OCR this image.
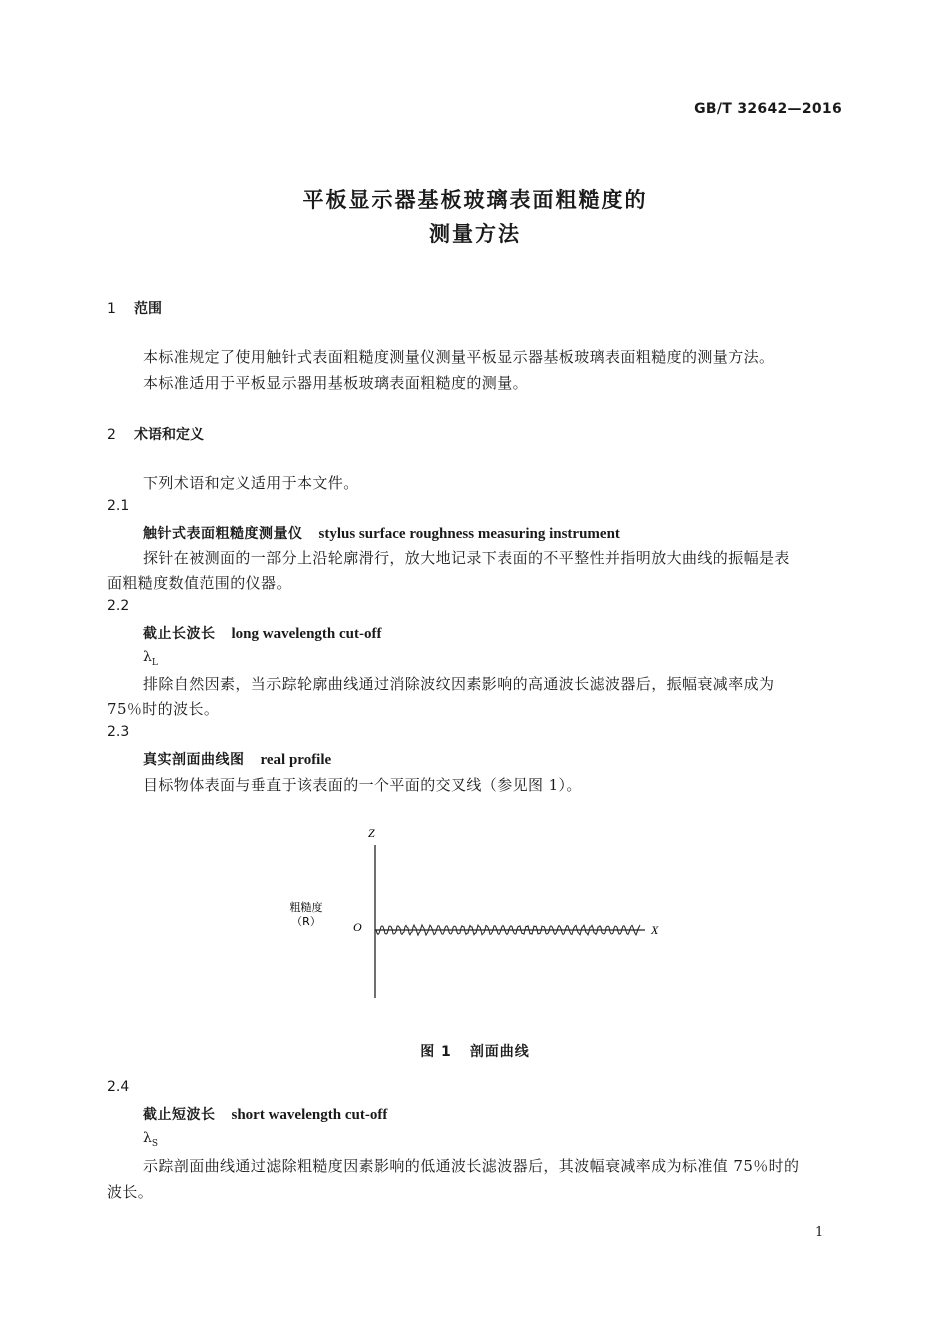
GB/T 32642—2016
平板显示器基板玻璃表面粗糙度的
测量方法
1 范围
本标准规定了使用触针式表面粗糙度测量仪测量平板显示器基板玻璃表面粗糙度的测量方法。
本标准适用于平板显示器用基板玻璃表面粗糙度的测量。
2 术语和定义
下列术语和定义适用于本文件。
2.1
触针式表面粗糙度测量仪 stylus surface roughness measuring instrument
探针在被测面的一部分上沿轮廓滑行，放大地记录下表面的不平整性并指明放大曲线的振幅是表
面粗糙度数值范围的仪器。
2.2
截止长波长 long wavelength cut-off
$\lambda_L$
排除自然因素，当示踪轮廓曲线通过消除波纹因素影响的高通波长滤波器后，振幅衰减率成为
75％时的波长。
2.3
真实剖面曲线图 real profile
目标物体表面与垂直于该表面的一个平面的交叉线（参见图 1）。
Z
X
O
粗糙度
（R）
图 1 剖面曲线
2.4
截止短波长 short wavelength cut-off
$\lambda_S$
示踪剖面曲线通过滤除粗糙度因素影响的低通波长滤波器后，其波幅衰减率成为标准值 75％时的
波长。
1
